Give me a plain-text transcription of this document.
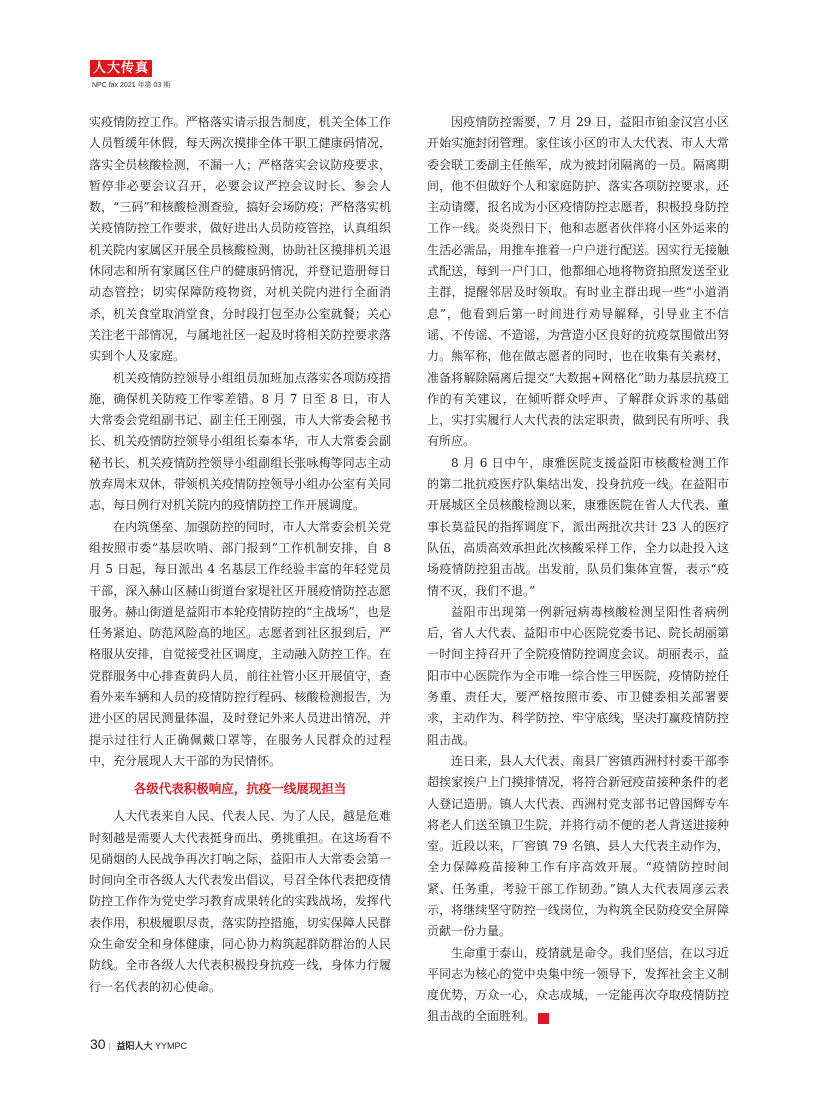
人大传真
NPC fax 2021 年第 03 期

实疫情防控工作。严格落实请示报告制度，机关全体工作人员暂缓年休假，每天两次摸排全体干职工健康码情况，落实全员核酸检测，不漏一人；严格落实会议防疫要求，暂停非必要会议召开，必要会议严控会议时长、参会人数，“三码”和核酸检测查验，搞好会场防疫；严格落实机关疫情防控工作要求，做好进出人员防疫管控，认真组织机关院内家属区开展全员核酸检测，协助社区摸排机关退休同志和所有家属区住户的健康码情况，并登记造册每日动态管控；切实保障防疫物资，对机关院内进行全面消杀，机关食堂取消堂食，分时段打包至办公室就餐；关心关注老干部情况，与属地社区一起及时将相关防控要求落实到个人及家庭。

机关疫情防控领导小组组员加班加点落实各项防疫措施，确保机关防疫工作零差错。8 月 7 日至 8 日，市人大常委会党组副书记、副主任王刚强，市人大常委会秘书长、机关疫情防控领导小组组长秦本华，市人大常委会副秘书长、机关疫情防控领导小组副组长张咏梅等同志主动放弃周末双休，带领机关疫情防控领导小组办公室有关同志，每日例行对机关院内的疫情防控工作开展调度。

在内筑堡垒、加强防控的同时，市人大常委会机关党组按照市委“基层吹哨、部门报到”工作机制安排，自 8 月 5 日起，每日派出 4 名基层工作经验丰富的年轻党员干部，深入赫山区赫山街道台家堤社区开展疫情防控志愿服务。赫山街道是益阳市本轮疫情防控的“主战场”，也是任务紧迫、防范风险高的地区。志愿者到社区报到后，严格服从安排，自觉接受社区调度，主动融入防控工作。在党群服务中心排查黄码人员，前往社管小区开展值守，查看外来车辆和人员的疫情防控行程码、核酸检测报告，为进小区的居民测量体温，及时登记外来人员进出情况，并提示过往行人正确佩戴口罩等，在服务人民群众的过程中，充分展现人大干部的为民情怀。

各级代表积极响应，抗疫一线展现担当

人大代表来自人民、代表人民、为了人民，越是危难时刻越是需要人大代表挺身而出、勇挑重担。在这场看不见硝烟的人民战争再次打响之际，益阳市人大常委会第一时间向全市各级人大代表发出倡议，号召全体代表把疫情防控工作作为党史学习教育成果转化的实践战场，发挥代表作用，积极履职尽责，落实防控措施，切实保障人民群众生命安全和身体健康，同心协力构筑起群防群治的人民防线。全市各级人大代表积极投身抗疫一线，身体力行履行一名代表的初心使命。

因疫情防控需要，7 月 29 日，益阳市铂金汉宫小区开始实施封闭管理。家住该小区的市人大代表、市人大常委会联工委副主任熊军，成为被封闭隔离的一员。隔离期间，他不但做好个人和家庭防护、落实各项防控要求，还主动请缨，报名成为小区疫情防控志愿者，积极投身防控工作一线。炎炎烈日下，他和志愿者伙伴将小区外运来的生活必需品，用推车推着一户户进行配送。因实行无接触式配送，每到一户门口，他都细心地将物资拍照发送至业主群，提醒邻居及时领取。有时业主群出现一些“小道消息”，他看到后第一时间进行劝导解释，引导业主不信谣、不传谣、不造谣，为营造小区良好的抗疫氛围做出努力。熊军称，他在做志愿者的同时，也在收集有关素材，准备将解除隔离后提交“大数据+网格化”助力基层抗疫工作的有关建议，在倾听群众呼声、了解群众诉求的基础上，实打实履行人大代表的法定职责，做到民有所呼、我有所应。

8 月 6 日中午，康雅医院支援益阳市核酸检测工作的第二批抗疫医疗队集结出发，投身抗疫一线。在益阳市开展城区全员核酸检测以来，康雅医院在省人大代表、董事长莫益民的指挥调度下，派出两批次共计 23 人的医疗队伍，高质高效承担此次核酸采样工作，全力以赴投入这场疫情防控狙击战。出发前，队员们集体宣誓，表示“疫情不灭，我们不退。”

益阳市出现第一例新冠病毒核酸检测呈阳性者病例后，省人大代表、益阳市中心医院党委书记、院长胡丽第一时间主持召开了全院疫情防控调度会议。胡丽表示，益阳市中心医院作为全市唯一综合性三甲医院，疫情防控任务重、责任大，要严格按照市委、市卫健委相关部署要求，主动作为、科学防控、牢守底线，坚决打赢疫情防控阻击战。

连日来，县人大代表、南县厂窖镇西洲村村委干部李超挨家挨户上门摸排情况，将符合新冠疫苗接种条件的老人登记造册。镇人大代表、西洲村党支部书记曾国辉专车将老人们送至镇卫生院，并将行动不便的老人背送进接种室。近段以来，厂窖镇 79 名镇、县人大代表主动作为，全力保障疫苗接种工作有序高效开展。“疫情防控时间紧、任务重，考验干部工作韧劲。”镇人大代表周彦云表示，将继续坚守防控一线岗位，为构筑全民防疫安全屏障贡献一份力量。

生命重于泰山，疫情就是命令。我们坚信，在以习近平同志为核心的党中央集中统一领导下，发挥社会主义制度优势，万众一心，众志成城，一定能再次夺取疫情防控狙击战的全面胜利。	人

30 | 益阳人大 YYMPC
